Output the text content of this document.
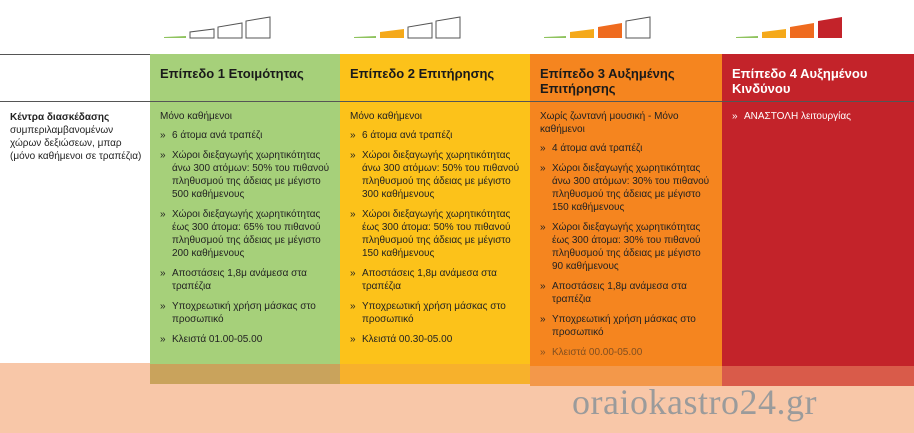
Κέντρα διασκέδασης
συμπεριλαμβανομένων χώρων δεξιώσεων, μπαρ (μόνο καθήμενοι σε τραπέζια)
Επίπεδο 1 Ετοιμότητας

Μόνο καθήμενοι

» 6 άτομα ανά τραπέζι
» Χώροι διεξαγωγής χωρητικότητας άνω 300 ατόμων: 50% του πιθανού πληθυσμού της άδειας με μέγιστο 500 καθήμενους
» Χώροι διεξαγωγής χωρητικότητας έως 300 άτομα: 65% του πιθανού πληθυσμού της άδειας με μέγιστο 200 καθήμενους
» Αποστάσεις 1,8μ ανάμεσα στα τραπέζια
» Υποχρεωτική χρήση μάσκας στο προσωπικό
» Κλειστά 01.00-05.00
Επίπεδο 2 Επιτήρησης

Μόνο καθήμενοι

» 6 άτομα ανά τραπέζι
» Χώροι διεξαγωγής χωρητικότητας άνω 300 ατόμων: 50% του πιθανού πληθυσμού της άδειας με μέγιστο 300 καθήμενους
» Χώροι διεξαγωγής χωρητικότητας έως 300 άτομα: 50% του πιθανού πληθυσμού της άδειας με μέγιστο 150 καθήμενους
» Αποστάσεις 1,8μ ανάμεσα στα τραπέζια
» Υποχρεωτική χρήση μάσκας στο προσωπικό
» Κλειστά 00.30-05.00
Επίπεδο 3 Αυξημένης Επιτήρησης

Χωρίς ζωντανή μουσική - Μόνο καθήμενοι

» 4 άτομα ανά τραπέζι
» Χώροι διεξαγωγής χωρητικότητας άνω 300 ατόμων: 30% του πιθανού πληθυσμού της άδειας με μέγιστο 150 καθήμενους
» Χώροι διεξαγωγής χωρητικότητας έως 300 άτομα: 30% του πιθανού πληθυσμού της άδειας με μέγιστο 90 καθήμενους
» Αποστάσεις 1,8μ ανάμεσα στα τραπέζια
» Υποχρεωτική χρήση μάσκας στο προσωπικό
» Κλειστά 00.00-05.00
Επίπεδο 4 Αυξημένου Κινδύνου
» ΑΝΑΣΤΟΛΗ λειτουργίας
oraiokastro24.gr
